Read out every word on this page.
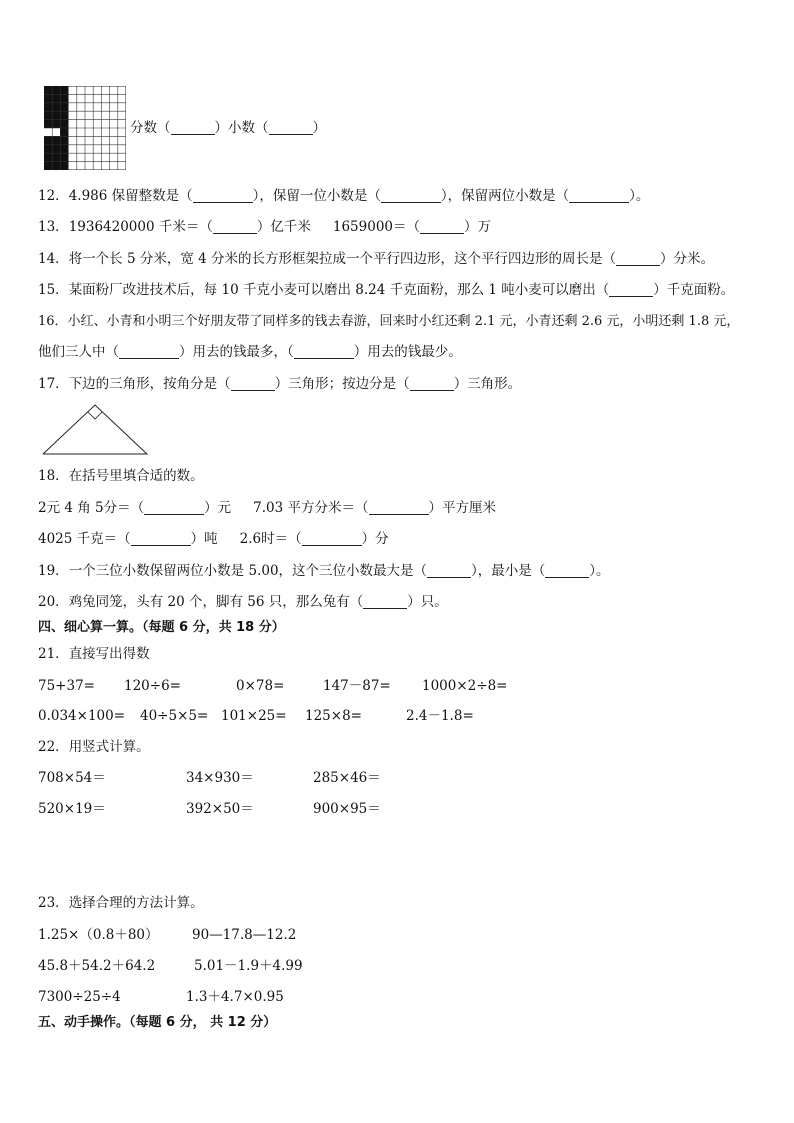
分数（	）小数（	）
12．4.986 保留整数是（	），保留一位小数是（	），保留两位小数是（	）。
13．1936420000 千米＝（	）亿千米 1659000＝（	）万
14．将一个长 5 分米，宽 4 分米的长方形框架拉成一个平行四边形，这个平行四边形的周长是（	）分米。
15．某面粉厂改进技术后，每 10 千克小麦可以磨出 8.24 千克面粉，那么 1 吨小麦可以磨出（	）千克面粉。
16．小红、小青和小明三个好朋友带了同样多的钱去春游，回来时小红还剩 2.1 元，小青还剩 2.6 元，小明还剩 1.8 元，
他们三人中（	）用去的钱最多，（	）用去的钱最少。
17．下边的三角形，按角分是（	）三角形；按边分是（	）三角形。
18．在括号里填合适的数。
2元 4 角 5分＝（	）元 7.03 平方分米＝（	）平方厘米
4025 千克＝（	）吨 2.6时＝（	）分
19．一个三位小数保留两位小数是 5.00，这个三位小数最大是（	），最小是（	）。
20．鸡兔同笼，头有 20 个，脚有 56 只，那么兔有（	）只。
四、细心算一算。（每题 6 分，共 18 分）
21．直接写出得数
75+37= 120÷6=	0×78=	147－87= 1000×2÷8=
0.034×100= 40÷5×5= 101×25= 125×8=	2.4－1.8=
22．用竖式计算。
708×54＝	34×930＝	285×46＝
520×19＝	392×50＝	900×95＝
23．选择合理的方法计算。
1.25×（0.8＋80） 90—17.8—12.2
45.8＋54.2＋64.2	5.01－1.9＋4.99
7300÷25÷4	1.3＋4.7×0.95
五、动手操作。（每题 6 分， 共 12 分）
